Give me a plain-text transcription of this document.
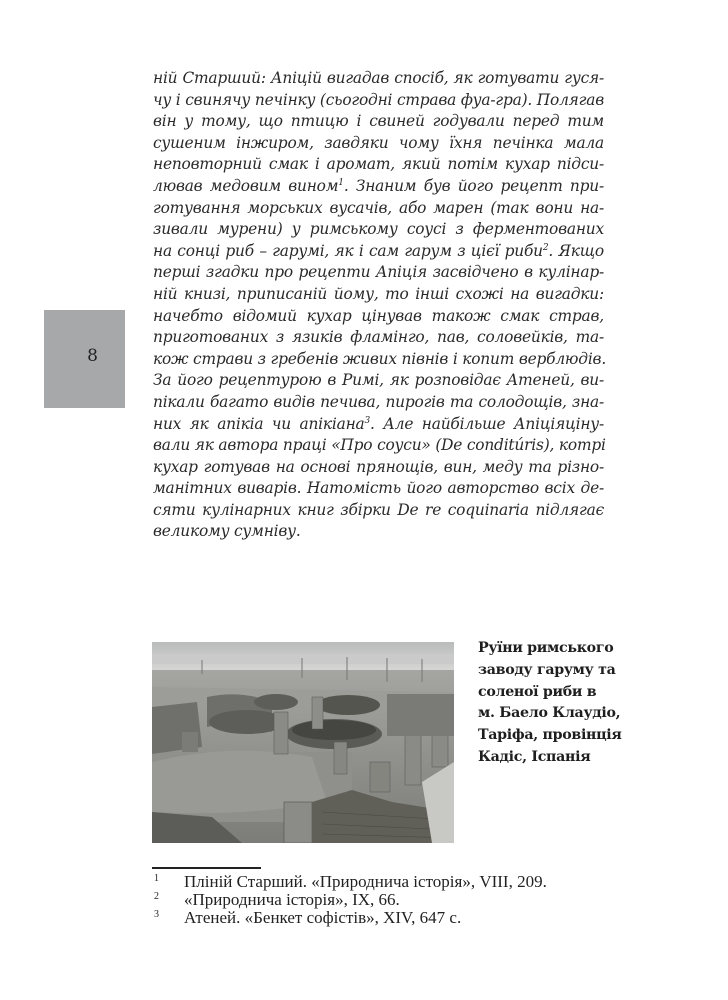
8
ній Старший: Апіцій вигадав спосіб, як готувати гуся-
чу і свинячу печінку (сьогодні страва фуа-гра). Полягав
він у тому, що птицю і свиней годували перед тим
сушеним інжиром, завдяки чому їхня печінка мала
неповторний смак і аромат, який потім кухар підси-
лював медовим вином$^1$. Знаним був його рецепт при-
готування морських вусачів, або марен (так вони на-
зивали мурени) у римському соусі з ферментованих
на сонці риб – гарумі, як і сам гарум з цієї риби$^2$. Якщо
перші згадки про рецепти Апіція засвідчено в кулінар-
ній книзі, приписаній йому, то інші схожі на вигадки:
начебто відомий кухар цінував також смак страв,
приготованих з язиків фламінго, пав, соловейків, та-
кож страви з гребенів живих півнів і копит верблюдів.
За його рецептурою в Римі, як розповідає Атеней, ви-
пікали багато видів печива, пирогів та солодощів, зна-
них як апікіа чи апікіана$^3$. Але найбільше Апіціяціну-
вали як автора праці «Про соуси» (De conditúris), котрі
кухар готував на основі прянощів, вин, меду та різно-
манітних виварів. Натомість його авторство всіх де-
сяти кулінарних книг збірки De re coquinaria підлягає
великому сумніву.
Руїни римського
заводу гаруму та
соленої риби в
м. Баело Клаудіо,
Таріфа, провінція
Кадіс, Іспанія
1	Пліній Старший. «Природнича історія», VIII, 209.
2	«Природнича історія», IX, 66.
3	Атеней. «Бенкет софістів», XIV, 647 с.
